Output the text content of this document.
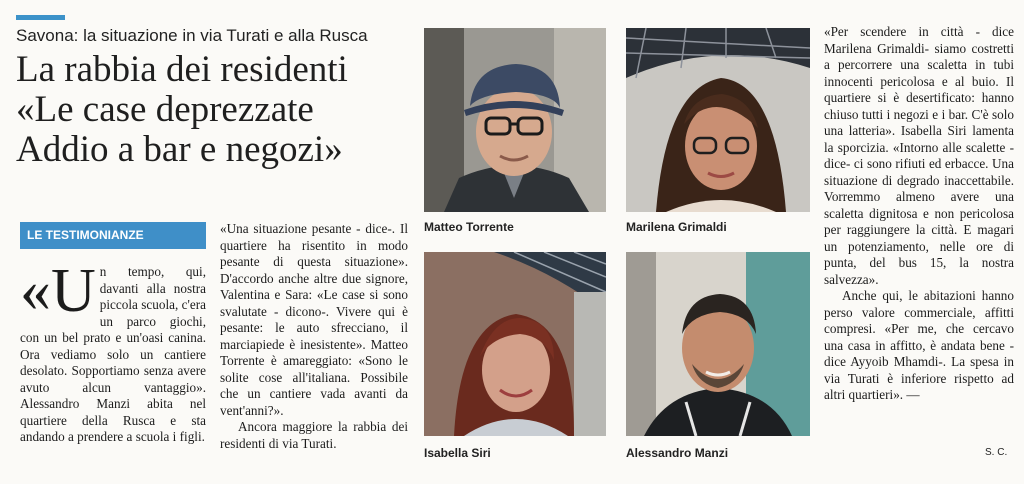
Savona: la situazione in via Turati e alla Rusca
La rabbia dei residenti
«Le case deprezzate
Addio a bar e negozi»
LE TESTIMONIANZE
«U n tempo, qui, davanti alla nostra piccola scuola, c'era un parco giochi, con un bel prato e un'oasi canina. Ora vediamo solo un cantiere desolato. Sopportiamo senza avere avuto alcun vantaggio». Alessandro Manzi abita nel quartiere della Rusca e sta andando a prendere a scuola i figli.

«Una situazione pesante - dice-. Il quartiere ha risentito in modo pesante di questa situazione». D'accordo anche altre due signore, Valentina e Sara: «Le case si sono svalutate - dicono-. Vivere qui è pesante: le auto sfrecciano, il marciapiede è inesistente». Matteo Torrente è amareggiato: «Sono le solite cose all'italiana. Possibile che un cantiere vada avanti da vent'anni?».

Ancora maggiore la rabbia dei residenti di via Turati.

«Per scendere in città - dice Marilena Grimaldi- siamo costretti a percorrere una scaletta in tubi innocenti pericolosa e al buio. Il quartiere si è desertificato: hanno chiuso tutti i negozi e i bar. C'è solo una latteria». Isabella Siri lamenta la sporcizia. «Intorno alle scalette - dice- ci sono rifiuti ed erbacce. Una situazione di degrado inaccettabile. Vorremmo almeno avere una scaletta dignitosa e non pericolosa per raggiungere la città. E magari un potenziamento, nelle ore di punta, del bus 15, la nostra salvezza».

Anche qui, le abitazioni hanno perso valore commerciale, affitti compresi. «Per me, che cercavo una casa in affitto, è andata bene - dice Ayyoib Mhamdi-. La spesa in via Turati è inferiore rispetto ad altri quartieri». —

S. C.
Matteo Torrente	Marilena Grimaldi
Isabella Siri	Alessandro Manzi
